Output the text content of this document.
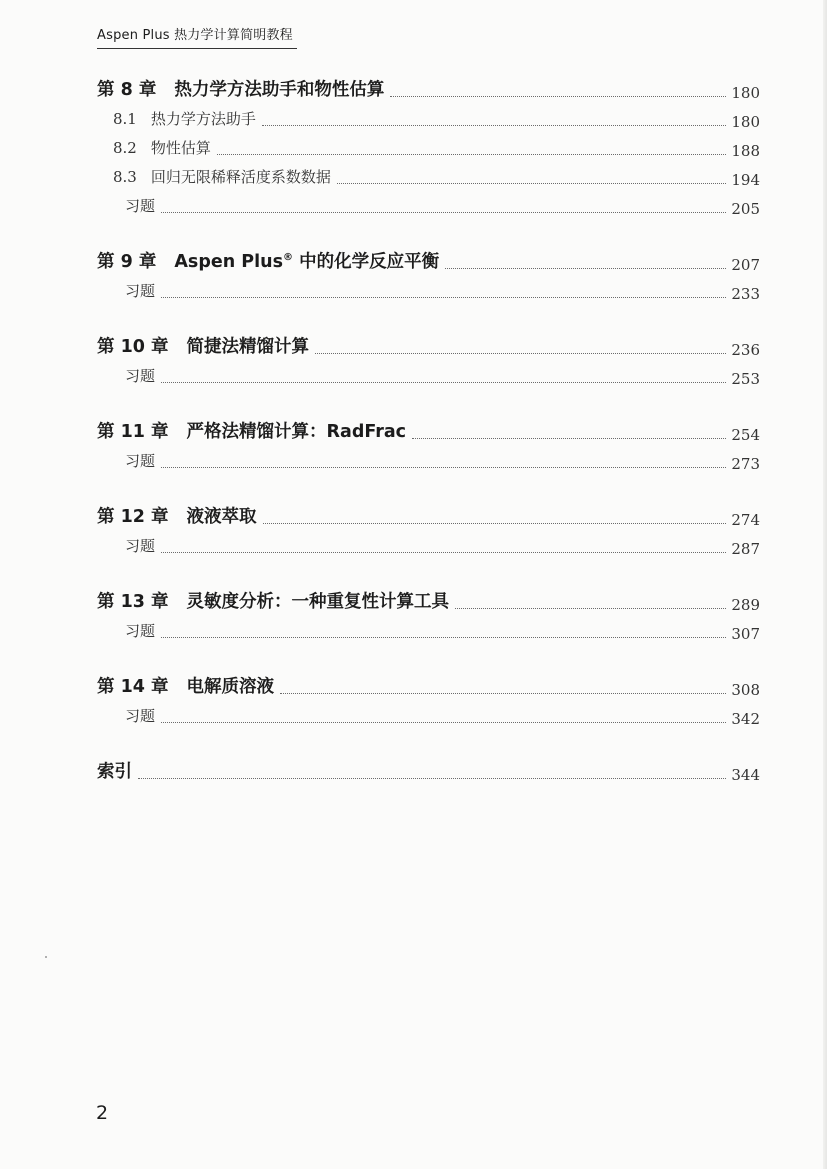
Aspen Plus 热力学计算简明教程
第 8 章 热力学方法助手和物性估算	180
8.1 热力学方法助手	180
8.2 物性估算	188
8.3 回归无限稀释活度系数数据	194
习题	205
第 9 章 Aspen Plus® 中的化学反应平衡	207
习题	233
第 10 章 简捷法精馏计算	236
习题	253
第 11 章 严格法精馏计算：RadFrac	254
习题	273
第 12 章 液液萃取	274
习题	287
第 13 章 灵敏度分析：一种重复性计算工具	289
习题	307
第 14 章 电解质溶液	308
习题	342
索引	344
2
